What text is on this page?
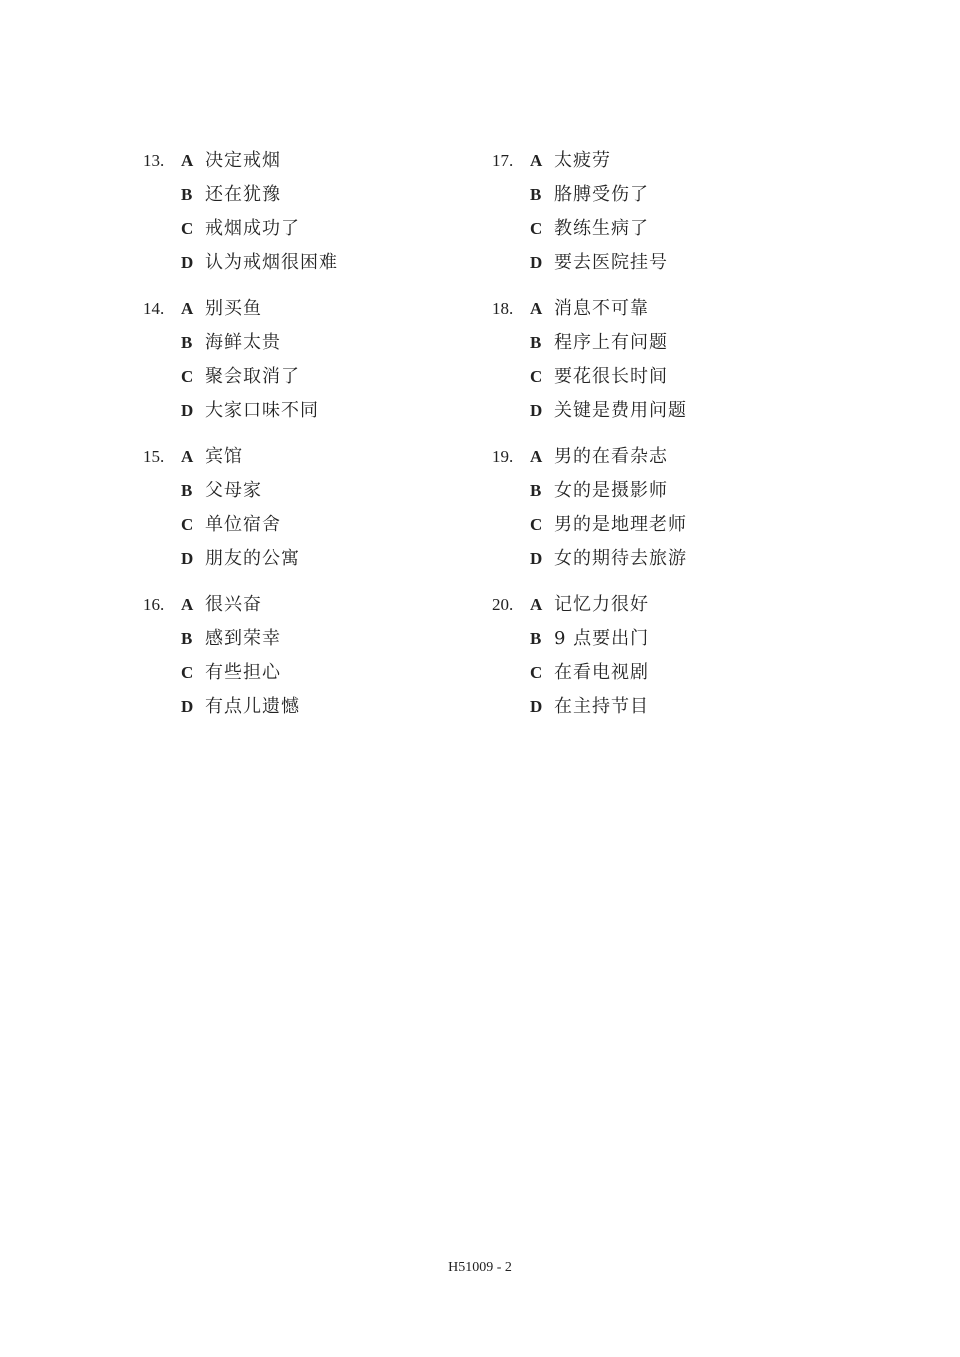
13. A 决定戒烟
B 还在犹豫
C 戒烟成功了
D 认为戒烟很困难
14. A 别买鱼
B 海鲜太贵
C 聚会取消了
D 大家口味不同
15. A 宾馆
B 父母家
C 单位宿舍
D 朋友的公寓
16. A 很兴奋
B 感到荣幸
C 有些担心
D 有点儿遗憾
17. A 太疲劳
B 胳膊受伤了
C 教练生病了
D 要去医院挂号
18. A 消息不可靠
B 程序上有问题
C 要花很长时间
D 关键是费用问题
19. A 男的在看杂志
B 女的是摄影师
C 男的是地理老师
D 女的期待去旅游
20. A 记忆力很好
B 9 点要出门
C 在看电视剧
D 在主持节目
H51009 - 2
